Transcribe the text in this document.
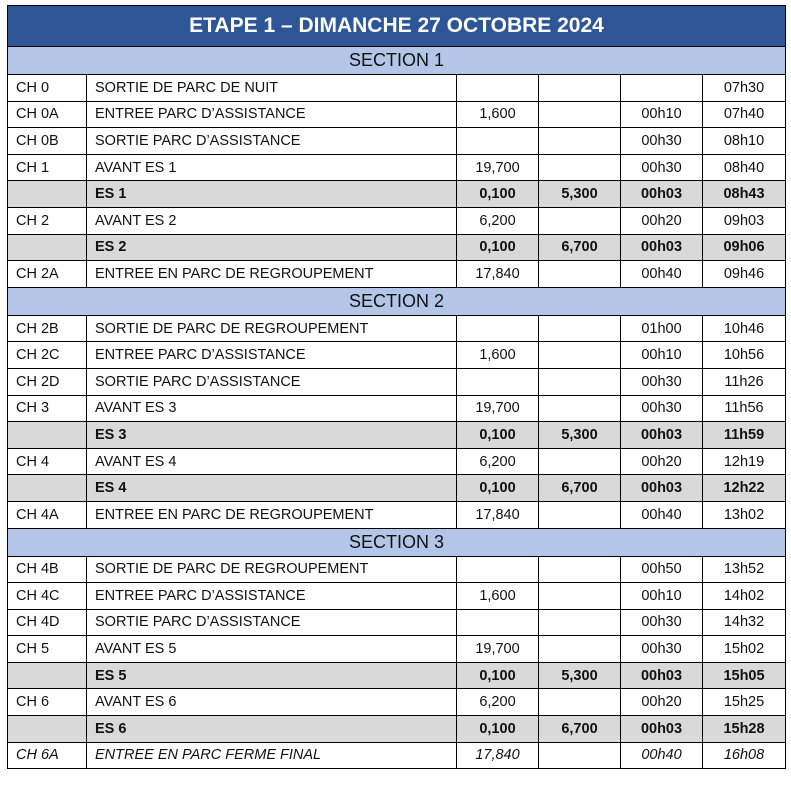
ETAPE 1 – DIMANCHE 27 OCTOBRE 2024					
SECTION 1					
CH 0	SORTIE DE PARC DE NUIT				07h30
CH 0A	ENTREE PARC D’ASSISTANCE	1,600		00h10	07h40
CH 0B	SORTIE PARC D’ASSISTANCE			00h30	08h10
CH 1	AVANT ES 1	19,700		00h30	08h40
	ES 1	0,100	5,300	00h03	08h43
CH 2	AVANT ES 2	6,200		00h20	09h03
	ES 2	0,100	6,700	00h03	09h06
CH 2A	ENTREE EN PARC DE REGROUPEMENT	17,840		00h40	09h46
SECTION 2					
CH 2B	SORTIE DE PARC DE REGROUPEMENT			01h00	10h46
CH 2C	ENTREE PARC D’ASSISTANCE	1,600		00h10	10h56
CH 2D	SORTIE PARC D’ASSISTANCE			00h30	11h26
CH 3	AVANT ES 3	19,700		00h30	11h56
	ES 3	0,100	5,300	00h03	11h59
CH 4	AVANT ES 4	6,200		00h20	12h19
	ES 4	0,100	6,700	00h03	12h22
CH 4A	ENTREE EN PARC DE REGROUPEMENT	17,840		00h40	13h02
SECTION 3					
CH 4B	SORTIE DE PARC DE REGROUPEMENT			00h50	13h52
CH 4C	ENTREE PARC D’ASSISTANCE	1,600		00h10	14h02
CH 4D	SORTIE PARC D’ASSISTANCE			00h30	14h32
CH 5	AVANT ES 5	19,700		00h30	15h02
	ES 5	0,100	5,300	00h03	15h05
CH 6	AVANT ES 6	6,200		00h20	15h25
	ES 6	0,100	6,700	00h03	15h28
CH 6A	ENTREE EN PARC FERME FINAL	17,840		00h40	16h08
